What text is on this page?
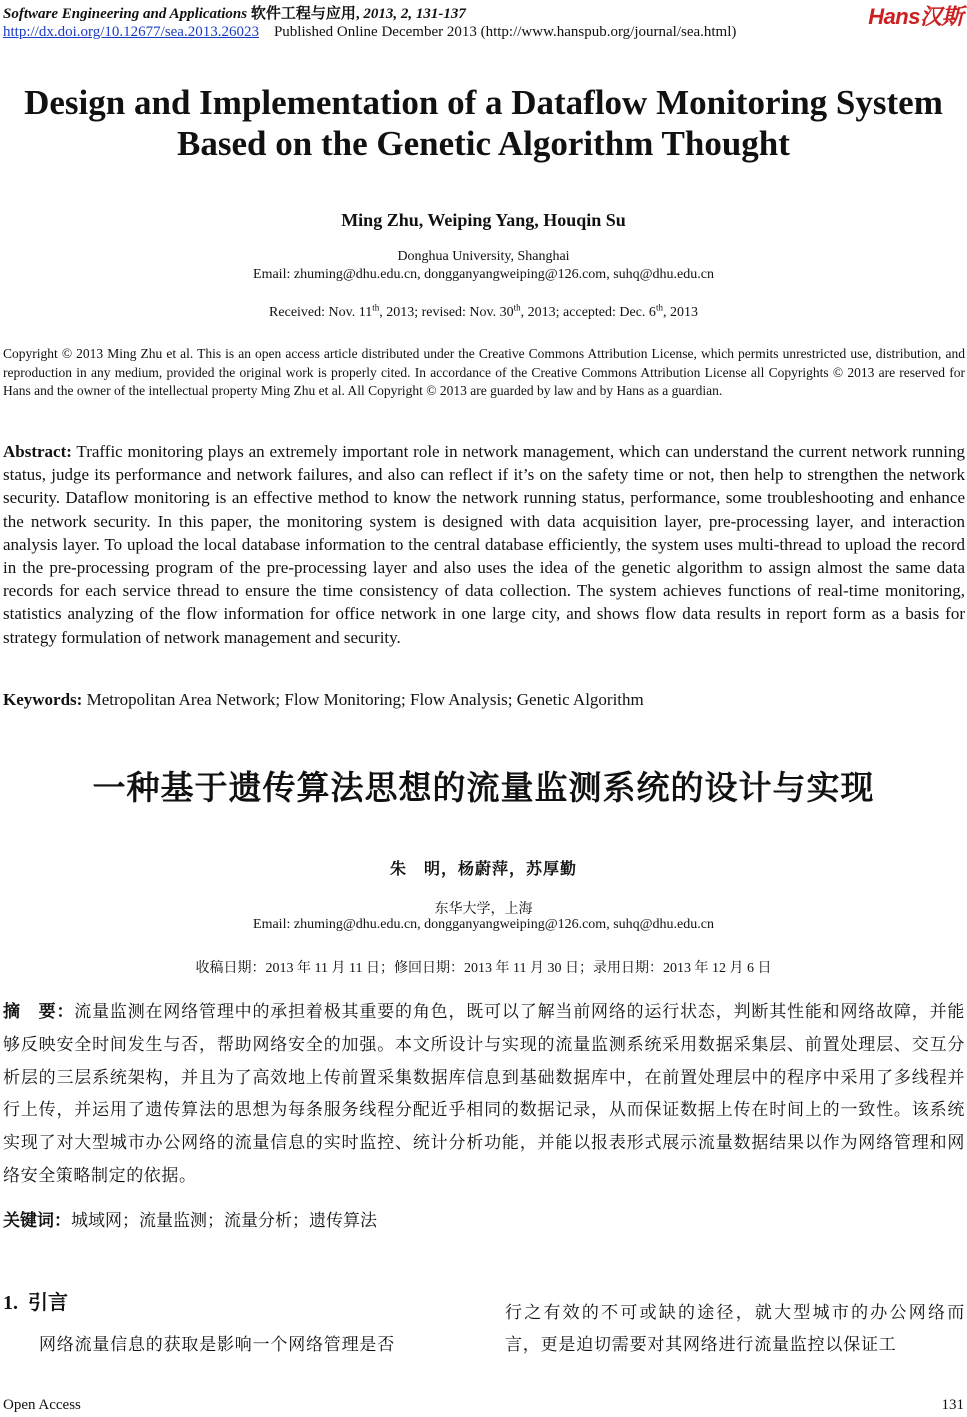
Software Engineering and Applications 软件工程与应用, 2013, 2, 131-137
http://dx.doi.org/10.12677/sea.2013.26023 Published Online December 2013 (http://www.hanspub.org/journal/sea.html)
Hans汉斯
Design and Implementation of a Dataflow Monitoring System
Based on the Genetic Algorithm Thought
Ming Zhu, Weiping Yang, Houqin Su
Donghua University, Shanghai
Email: zhuming@dhu.edu.cn, dongganyangweiping@126.com, suhq@dhu.edu.cn
Received: Nov. 11th, 2013; revised: Nov. 30th, 2013; accepted: Dec. 6th, 2013
Copyright © 2013 Ming Zhu et al. This is an open access article distributed under the Creative Commons Attribution License, which permits unrestricted use, distribution, and reproduction in any medium, provided the original work is properly cited. In accordance of the Creative Commons Attribution License all Copyrights © 2013 are reserved for Hans and the owner of the intellectual property Ming Zhu et al. All Copyright © 2013 are guarded by law and by Hans as a guardian.
Abstract: Traffic monitoring plays an extremely important role in network management, which can understand the current network running status, judge its performance and network failures, and also can reflect if it’s on the safety time or not, then help to strengthen the network security. Dataflow monitoring is an effective method to know the network running status, performance, some troubleshooting and enhance the network security. In this paper, the monitoring system is designed with data acquisition layer, pre-processing layer, and interaction analysis layer. To upload the local database information to the central database efficiently, the system uses multi-thread to upload the record in the pre-processing program of the pre-processing layer and also uses the idea of the genetic algorithm to assign almost the same data records for each service thread to ensure the time consistency of data collection. The system achieves functions of real-time monitoring, statistics analyzing of the flow information for office network in one large city, and shows flow data results in report form as a basis for strategy formulation of network management and security.
Keywords: Metropolitan Area Network; Flow Monitoring; Flow Analysis; Genetic Algorithm
一种基于遗传算法思想的流量监测系统的设计与实现
朱　明，杨蔚萍，苏厚勤
东华大学，上海
Email: zhuming@dhu.edu.cn, dongganyangweiping@126.com, suhq@dhu.edu.cn
收稿日期：2013 年 11 月 11 日；修回日期：2013 年 11 月 30 日；录用日期：2013 年 12 月 6 日
摘　要：流量监测在网络管理中的承担着极其重要的角色，既可以了解当前网络的运行状态，判断其性能和网络故障，并能够反映安全时间发生与否，帮助网络安全的加强。本文所设计与实现的流量监测系统采用数据采集层、前置处理层、交互分析层的三层系统架构，并且为了高效地上传前置采集数据库信息到基础数据库中，在前置处理层中的程序中采用了多线程并行上传，并运用了遗传算法的思想为每条服务线程分配近乎相同的数据记录，从而保证数据上传在时间上的一致性。该系统实现了对大型城市办公网络的流量信息的实时监控、统计分析功能，并能以报表形式展示流量数据结果以作为网络管理和网络安全策略制定的依据。
关键词：城域网；流量监测；流量分析；遗传算法
1. 引言
网络流量信息的获取是影响一个网络管理是否
行之有效的不可或缺的途径，就大型城市的办公网络而言，更是迫切需要对其网络进行流量监控以保证工
Open Access	131
